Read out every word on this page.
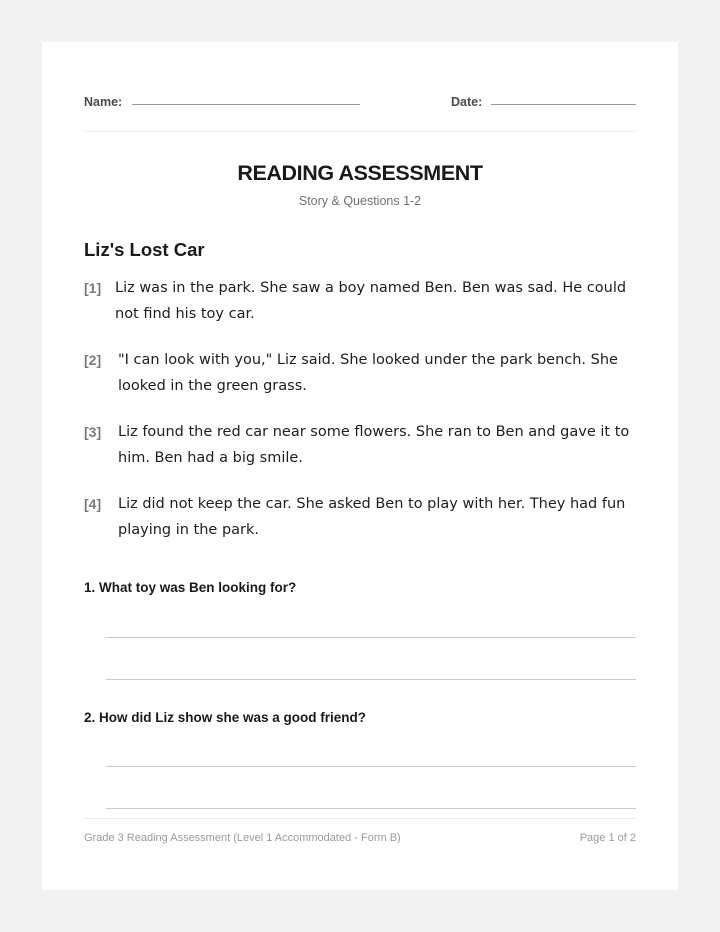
Name:	Date:
READING ASSESSMENT
Story & Questions 1-2
Liz's Lost Car
[1] Liz was in the park. She saw a boy named Ben. Ben was sad. He could not find his toy car.
[2] "I can look with you," Liz said. She looked under the park bench. She looked in the green grass.
[3] Liz found the red car near some flowers. She ran to Ben and gave it to him. Ben had a big smile.
[4] Liz did not keep the car. She asked Ben to play with her. They had fun playing in the park.
1. What toy was Ben looking for?
2. How did Liz show she was a good friend?
Grade 3 Reading Assessment (Level 1 Accommodated - Form B)	Page 1 of 2
